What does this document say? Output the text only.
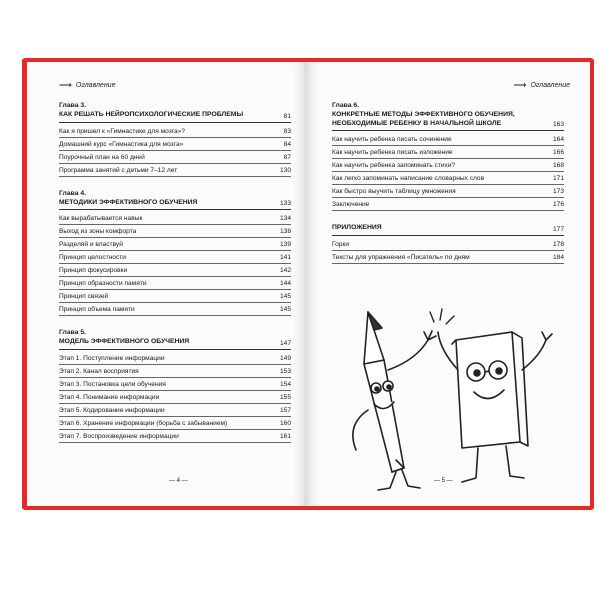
⟶ Оглавление
Глава 3.
КАК РЕШАТЬ НЕЙРОПСИХОЛОГИЧЕСКИЕ ПРОБЛЕМЫ	81
Как я пришел к «Гимнастике для мозга»?	83
Домашний курс «Гимнастика для мозга»	84
Поурочный план на 60 дней	87
Программа занятий с детьми 7–12 лет	130
Глава 4.
МЕТОДИКИ ЭФФЕКТИВНОГО ОБУЧЕНИЯ	133
Как вырабатывается навык	134
Выход из зоны комфорта	138
Разделяй и властвуй	139
Принцип целостности	141
Принцип фокусировки	142
Принцип образности памяти	144
Принцип связей	145
Принцип объема памяти	145
Глава 5.
МОДЕЛЬ ЭФФЕКТИВНОГО ОБУЧЕНИЯ	147
Этап 1. Поступление информации	149
Этап 2. Канал восприятия	153
Этап 3. Постановка цели обучения	154
Этап 4. Понимание информации	155
Этап 5. Кодирование информации	157
Этап 6. Хранение информации (борьба с забыванием)	160
Этап 7. Воспроизведение информации	161
— 4 —
⟶ Оглавление
Глава 6.
КОНКРЕТНЫЕ МЕТОДЫ ЭФФЕКТИВНОГО ОБУЧЕНИЯ, НЕОБХОДИМЫЕ РЕБЕНКУ В НАЧАЛЬНОЙ ШКОЛЕ	163
Как научить ребенка писать сочинение	164
Как научить ребенка писать изложение	166
Как научить ребенка запоминать стихи?	168
Как легко запоминать написание словарных слов	171
Как быстро выучить таблицу умножения	173
Заключение	176
ПРИЛОЖЕНИЯ	177
Горки	178
Тексты для упражнения «Писатель» по дням	184
— 5 —
